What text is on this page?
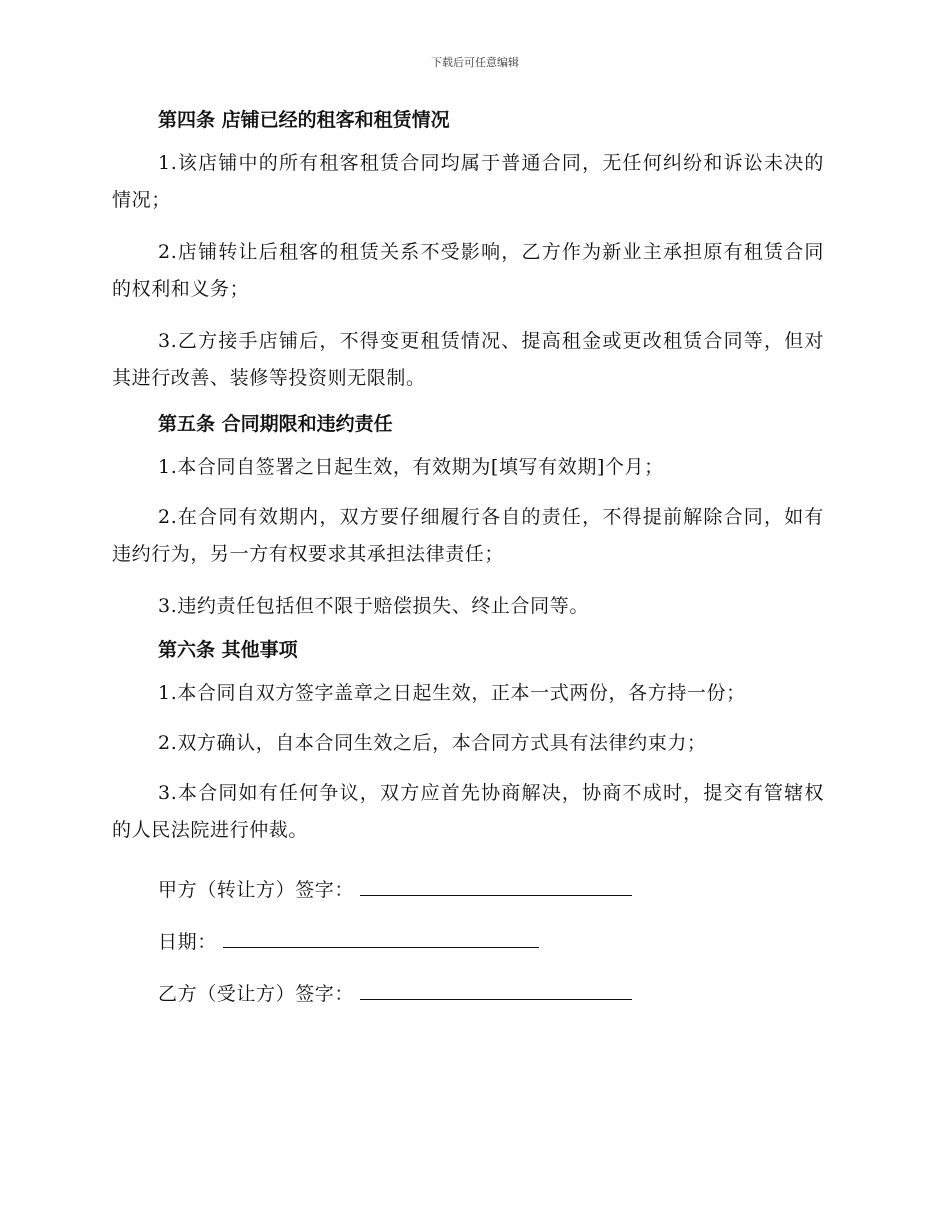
下载后可任意编辑
第四条 店铺已经的租客和租赁情况

1.该店铺中的所有租客租赁合同均属于普通合同，无任何纠纷和诉讼未决的情况；

2.店铺转让后租客的租赁关系不受影响，乙方作为新业主承担原有租赁合同的权利和义务；

3.乙方接手店铺后，不得变更租赁情况、提高租金或更改租赁合同等，但对其进行改善、装修等投资则无限制。

第五条 合同期限和违约责任

1.本合同自签署之日起生效，有效期为[填写有效期]个月；

2.在合同有效期内，双方要仔细履行各自的责任，不得提前解除合同，如有违约行为，另一方有权要求其承担法律责任；

3.违约责任包括但不限于赔偿损失、终止合同等。

第六条 其他事项

1.本合同自双方签字盖章之日起生效，正本一式两份，各方持一份；

2.双方确认，自本合同生效之后，本合同方式具有法律约束力；

3.本合同如有任何争议，双方应首先协商解决，协商不成时，提交有管辖权的人民法院进行仲裁。

甲方（转让方）签字：
日期：
乙方（受让方）签字：
